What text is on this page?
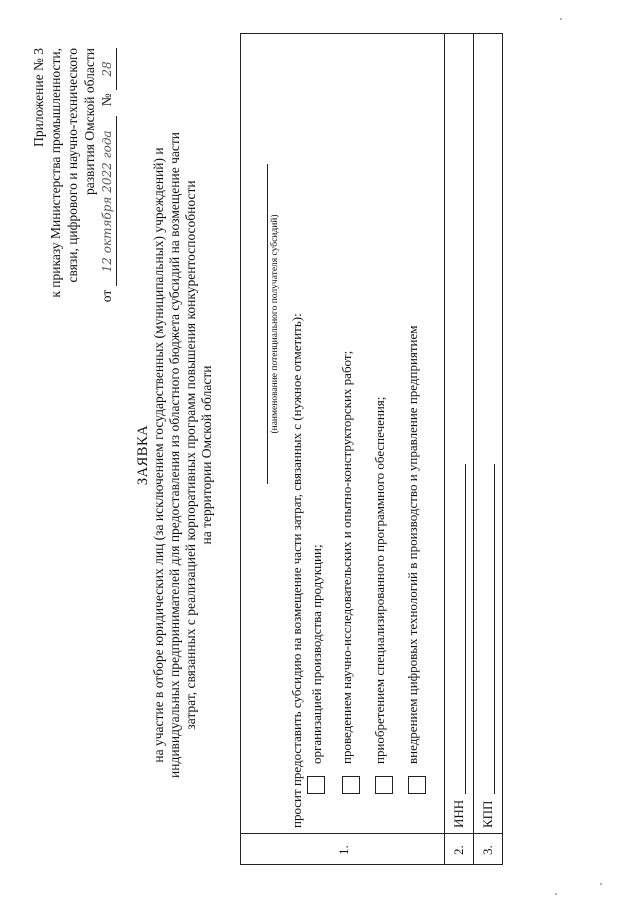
Приложение № 3 к приказу Министерства промышленности, связи, цифрового и научно-технического развития Омской области
от 12 октября 2022 года   № 28
ЗАЯВКА на участие в отборе юридических лиц (за исключением государственных (муниципальных) учреждений) и индивидуальных предпринимателей для предоставления из областного бюджета субсидий на возмещение части затрат, связанных с реализацией корпоративных программ повышения конкурентоспособности на территории Омской области
1.
(наименование потенциального получателя субсидий) просит предоставить субсидию на возмещение части затрат, связанных с (нужное отметить): организацией производства продукции; проведением научно-исследовательских и опытно-конструкторских работ; приобретением специализированного программного обеспечения; внедрением цифровых технологий в производство и управление предприятием
2.
ИНН
3.
КПП
